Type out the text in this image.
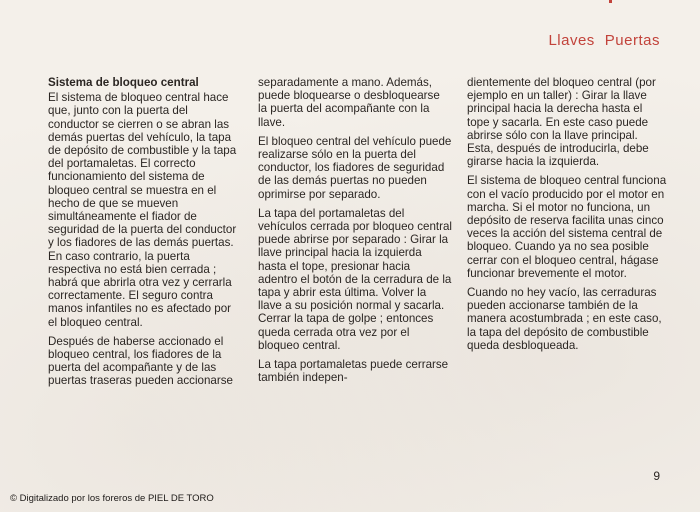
Llaves Puertas
Sistema de bloqueo central

El sistema de bloqueo central hace que, junto con la puerta del conductor se cierren o se abran las demás puertas del vehículo, la tapa de depósito de combustible y la tapa del portamaletas. El correcto funcionamiento del sistema de bloqueo central se muestra en el hecho de que se mueven simultáneamente el fiador de seguridad de la puerta del conductor y los fiadores de las demás puertas. En caso contrario, la puerta respectiva no está bien cerrada ; habrá que abrirla otra vez y cerrarla correctamente. El seguro contra manos infantiles no es afectado por el bloqueo central.

Después de haberse accionado el bloqueo central, los fiadores de la puerta del acompañante y de las puertas traseras pueden accionarse

separadamente a mano. Además, puede bloquearse o desbloquearse la puerta del acompañante con la llave.

El bloqueo central del vehículo puede realizarse sólo en la puerta del conductor, los fiadores de seguridad de las demás puertas no pueden oprimirse por separado.

La tapa del portamaletas del vehículos cerrada por bloqueo central puede abrirse por separado : Girar la llave principal hacia la izquierda hasta el tope, presionar hacia adentro el botón de la cerradura de la tapa y abrir esta última. Volver la llave a su posición normal y sacarla. Cerrar la tapa de golpe ; entonces queda cerrada otra vez por el bloqueo central.

La tapa portamaletas puede cerrarse también indepen-

dientemente del bloqueo central (por ejemplo en un taller) : Girar la llave principal hacia la derecha hasta el tope y sacarla. En este caso puede abrirse sólo con la llave principal. Esta, después de introducirla, debe girarse hacia la izquierda.

El sistema de bloqueo central funciona con el vacío producido por el motor en marcha. Si el motor no funciona, un depósito de reserva facilita unas cinco veces la acción del sistema central de bloqueo. Cuando ya no sea posible cerrar con el bloqueo central, hágase funcionar brevemente el motor.

Cuando no hey vacío, las cerraduras pueden accionarse también de la manera acostumbrada ; en este caso, la tapa del depósito de combustible queda desbloqueada.

9
© Digitalizado por los foreros de PIEL DE TORO
